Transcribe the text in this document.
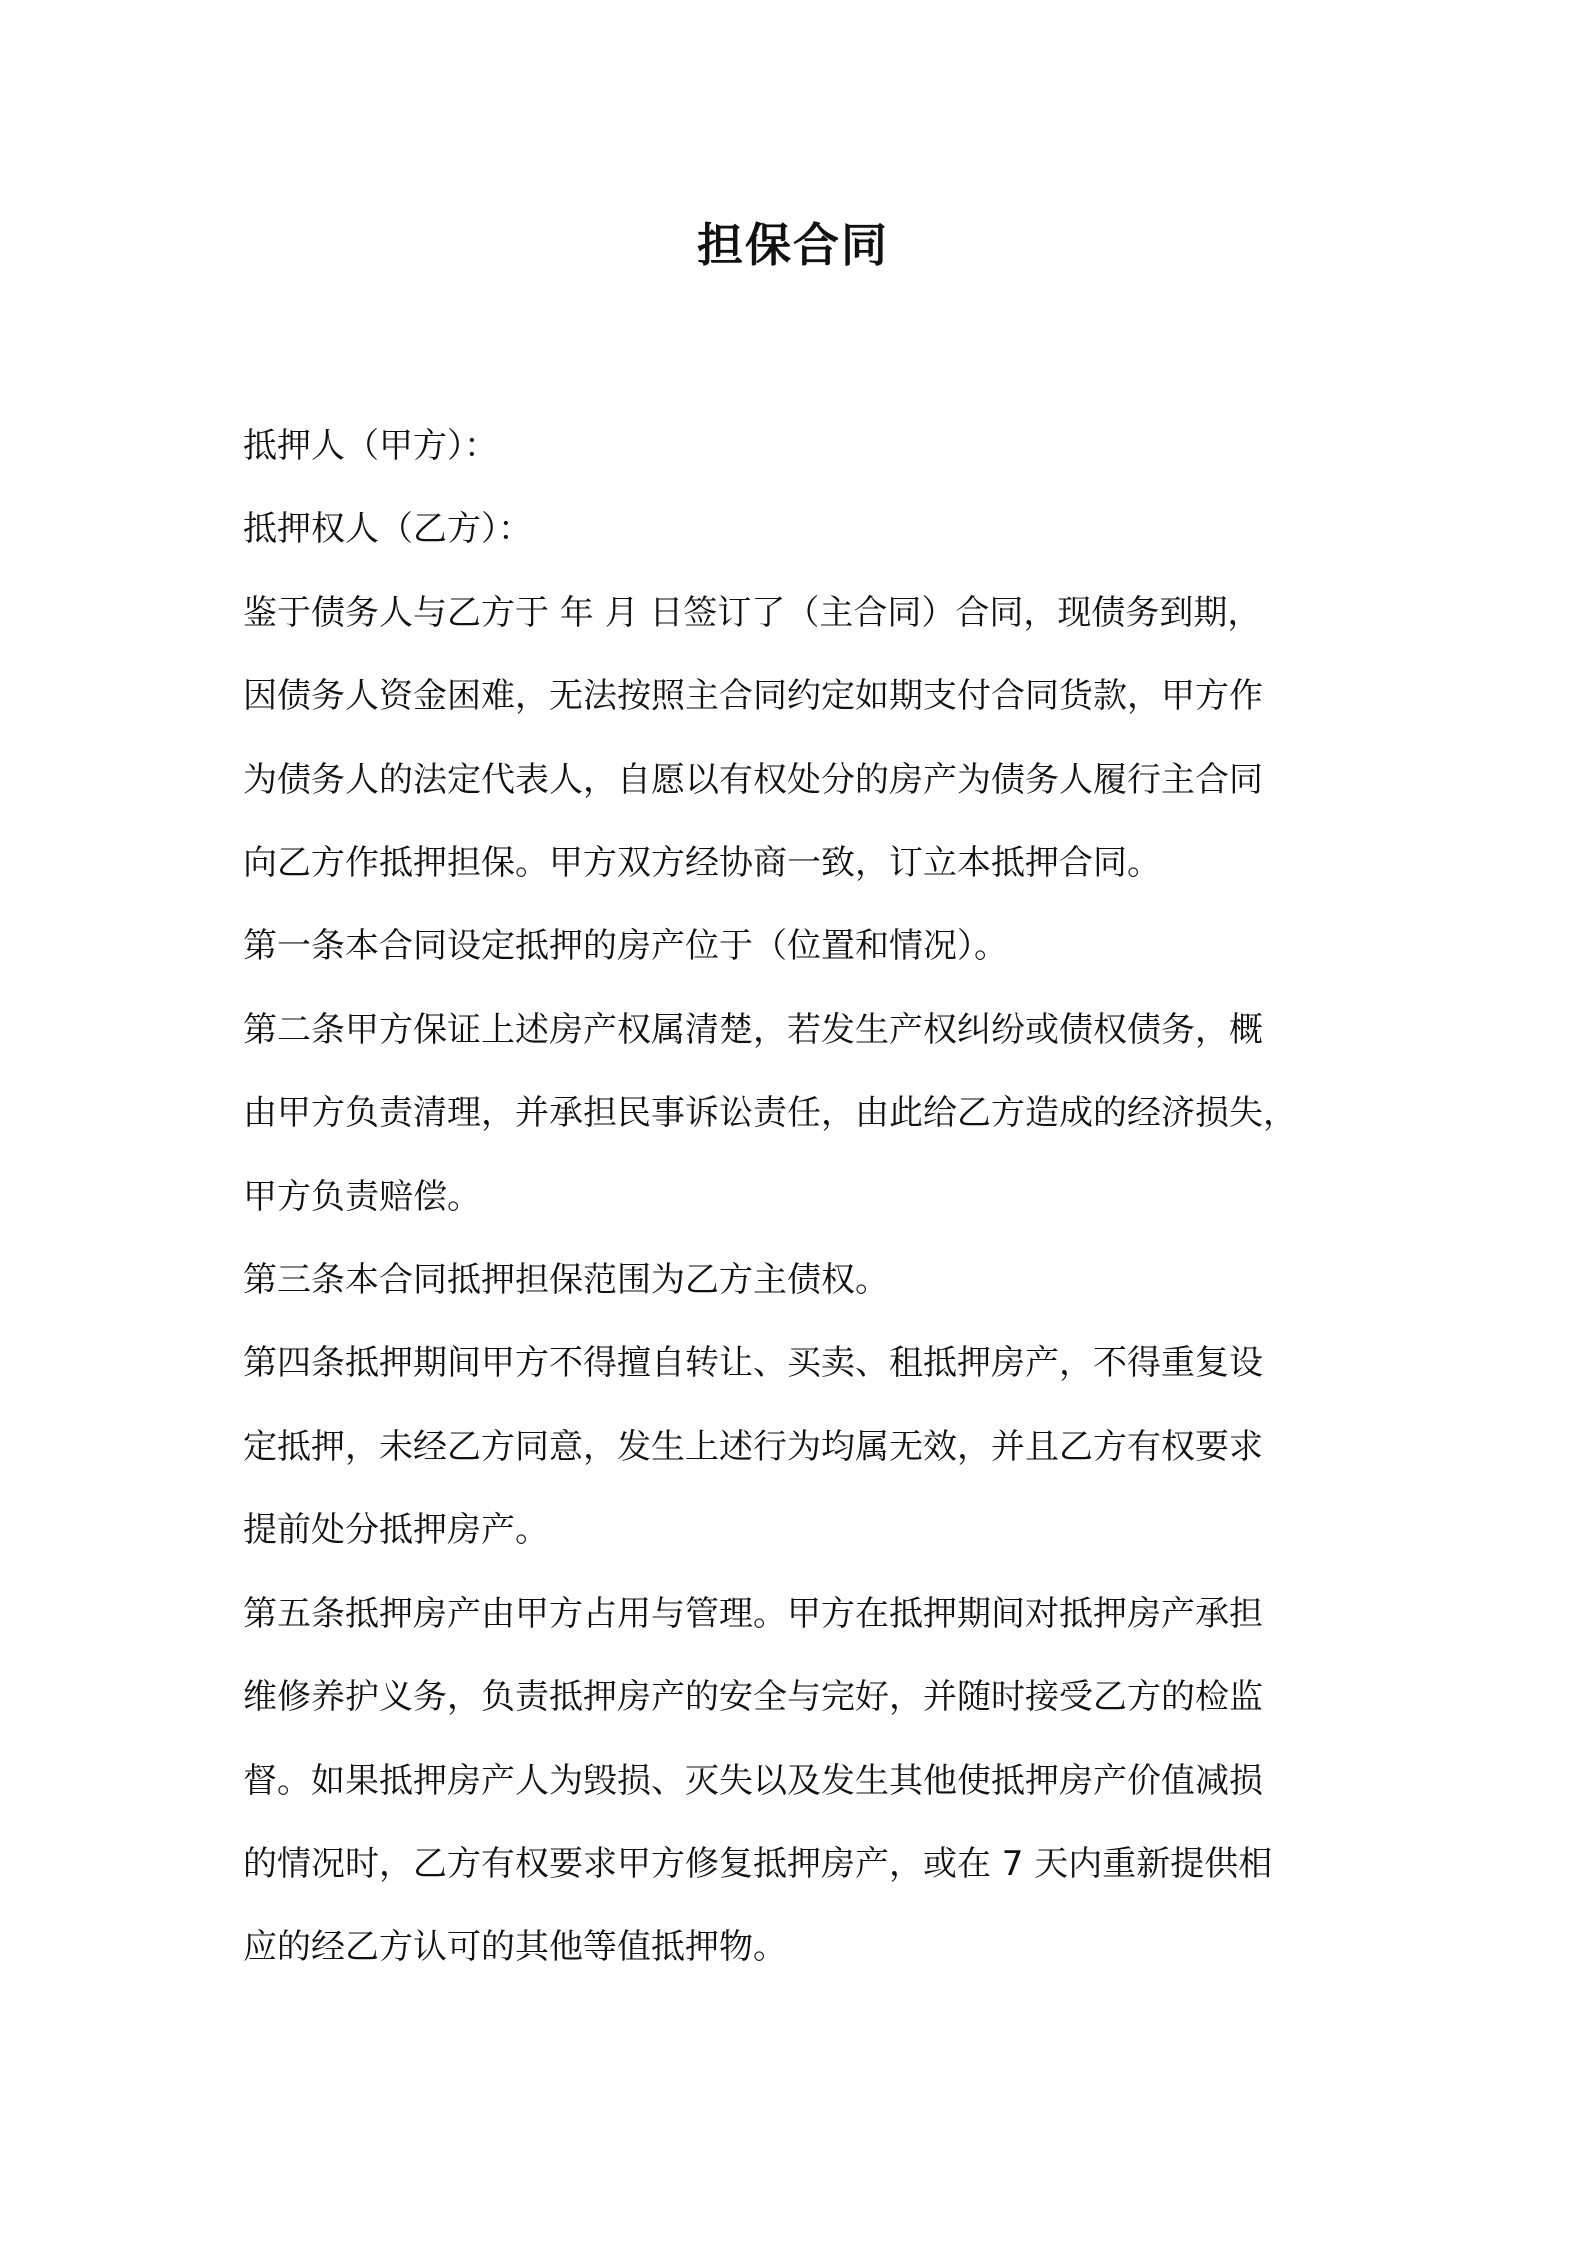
担保合同
抵押人（甲方）：
抵押权人（乙方）：
鉴于债务人与乙方于 年 月 日签订了（主合同）合同，现债务到期，
因债务人资金困难，无法按照主合同约定如期支付合同货款，甲方作
为债务人的法定代表人，自愿以有权处分的房产为债务人履行主合同
向乙方作抵押担保。甲方双方经协商一致，订立本抵押合同。
第一条本合同设定抵押的房产位于（位置和情况）。
第二条甲方保证上述房产权属清楚，若发生产权纠纷或债权债务，概
由甲方负责清理，并承担民事诉讼责任，由此给乙方造成的经济损失，
甲方负责赔偿。
第三条本合同抵押担保范围为乙方主债权。
第四条抵押期间甲方不得擅自转让、买卖、租抵押房产，不得重复设
定抵押，未经乙方同意，发生上述行为均属无效，并且乙方有权要求
提前处分抵押房产。
第五条抵押房产由甲方占用与管理。甲方在抵押期间对抵押房产承担
维修养护义务，负责抵押房产的安全与完好，并随时接受乙方的检监
督。如果抵押房产人为毁损、灭失以及发生其他使抵押房产价值减损
的情况时，乙方有权要求甲方修复抵押房产，或在 7 天内重新提供相
应的经乙方认可的其他等值抵押物。
